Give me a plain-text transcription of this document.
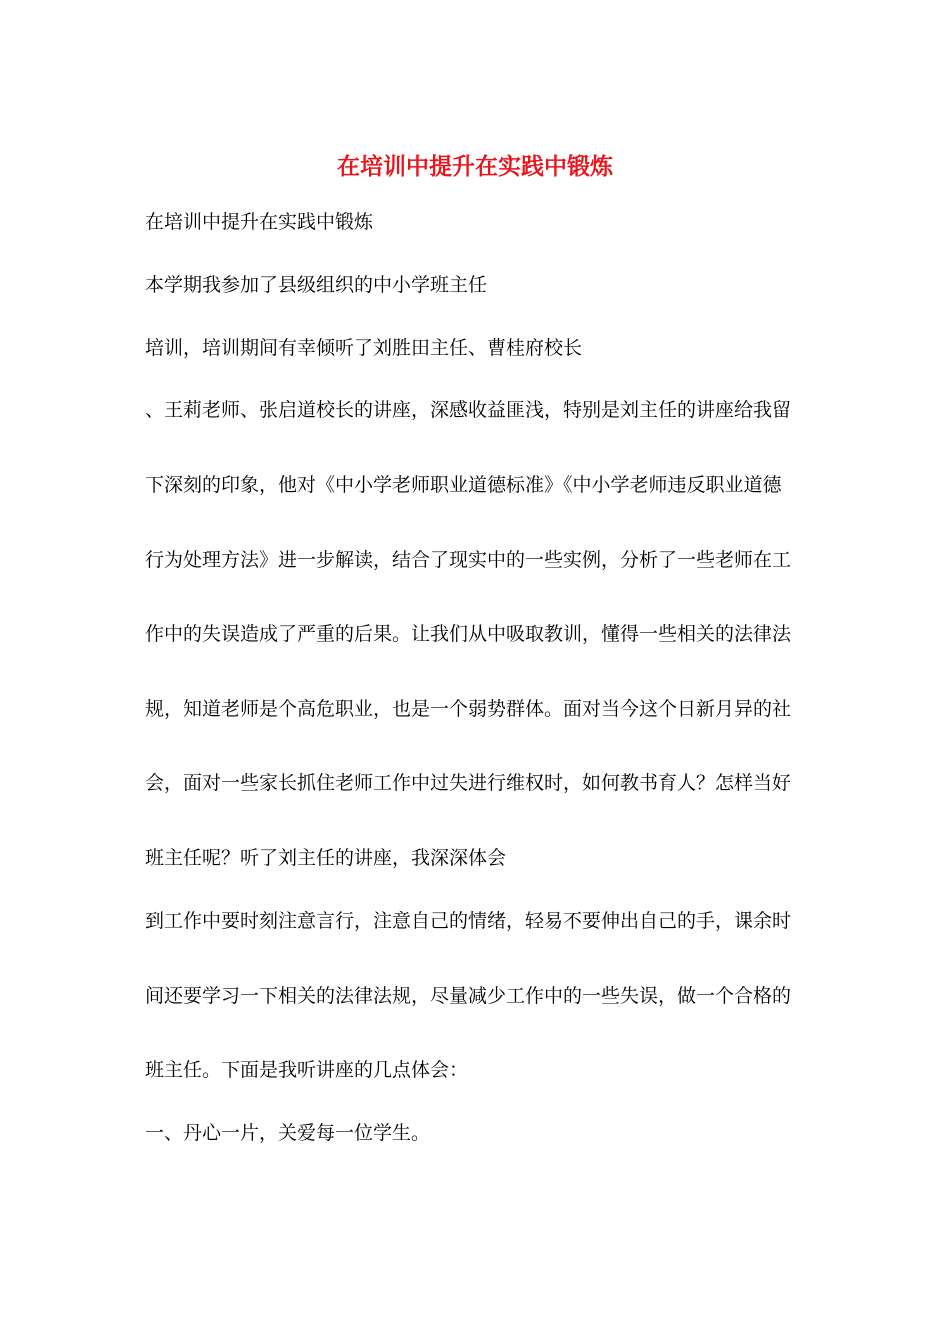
在培训中提升在实践中锻炼
在培训中提升在实践中锻炼
本学期我参加了县级组织的中小学班主任
培训，培训期间有幸倾听了刘胜田主任、曹桂府校长
、王莉老师、张启道校长的讲座，深感收益匪浅，特别是刘主任的讲座给我留
下深刻的印象，他对《中小学老师职业道德标准》《中小学老师违反职业道德
行为处理方法》进一步解读，结合了现实中的一些实例，分析了一些老师在工
作中的失误造成了严重的后果。让我们从中吸取教训，懂得一些相关的法律法
规，知道老师是个高危职业，也是一个弱势群体。面对当今这个日新月异的社
会，面对一些家长抓住老师工作中过失进行维权时，如何教书育人？怎样当好
班主任呢？听了刘主任的讲座，我深深体会
到工作中要时刻注意言行，注意自己的情绪，轻易不要伸出自己的手，课余时
间还要学习一下相关的法律法规，尽量减少工作中的一些失误，做一个合格的
班主任。下面是我听讲座的几点体会：
一、丹心一片，关爱每一位学生。
